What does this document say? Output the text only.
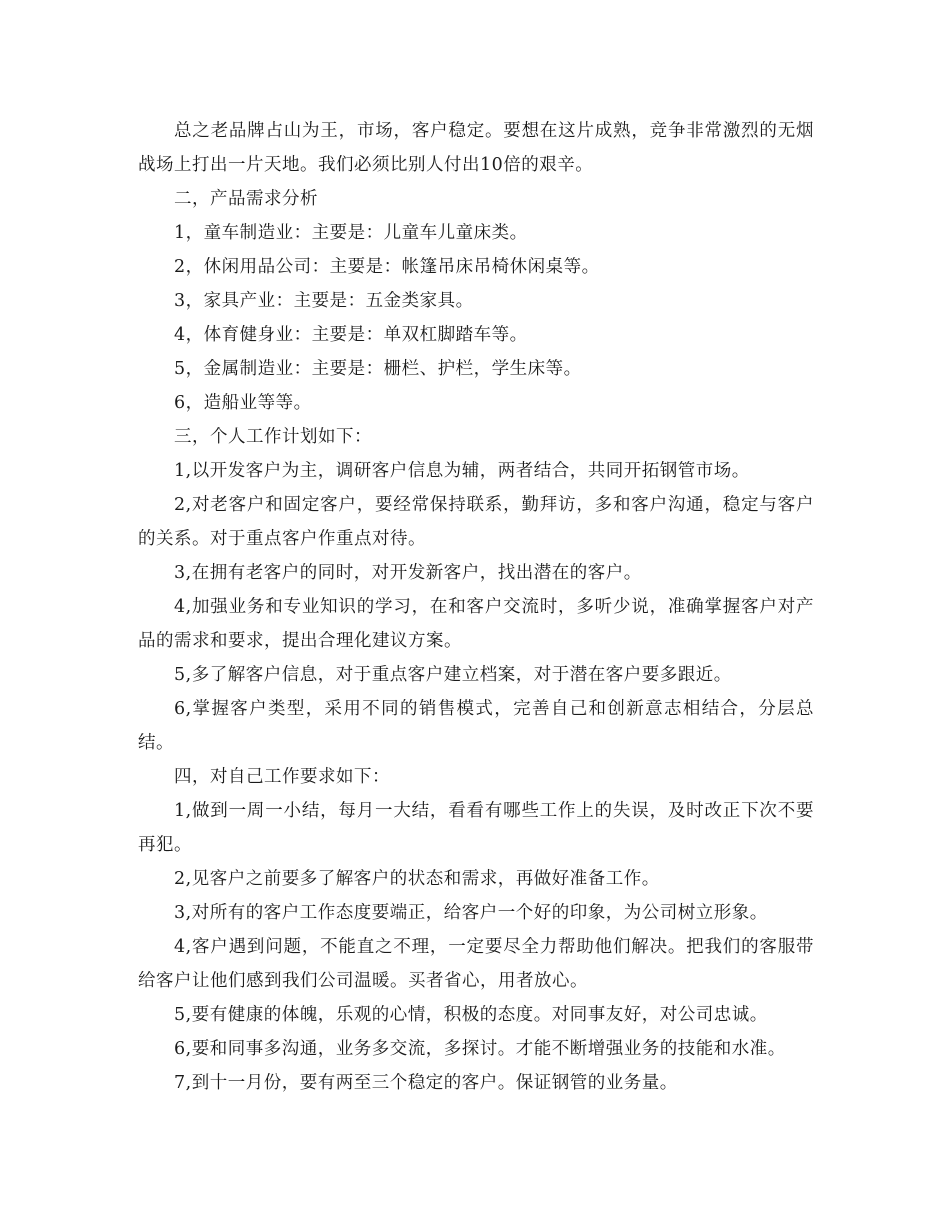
总之老品牌占山为王，市场，客户稳定。要想在这片成熟，竞争非常激烈的无烟战场上打出一片天地。我们必须比别人付出10倍的艰辛。

二，产品需求分析

1，童车制造业：主要是：儿童车儿童床类。

2，休闲用品公司：主要是：帐篷吊床吊椅休闲桌等。

3，家具产业：主要是：五金类家具。

4，体育健身业：主要是：单双杠脚踏车等。

5，金属制造业：主要是：栅栏、护栏，学生床等。

6，造船业等等。

三，个人工作计划如下：

1,以开发客户为主，调研客户信息为辅，两者结合，共同开拓钢管市场。

2,对老客户和固定客户，要经常保持联系，勤拜访，多和客户沟通，稳定与客户的关系。对于重点客户作重点对待。

3,在拥有老客户的同时，对开发新客户，找出潜在的客户。

4,加强业务和专业知识的学习，在和客户交流时，多听少说，准确掌握客户对产品的需求和要求，提出合理化建议方案。

5,多了解客户信息，对于重点客户建立档案，对于潜在客户要多跟近。

6,掌握客户类型，采用不同的销售模式，完善自己和创新意志相结合，分层总结。

四，对自己工作要求如下：

1,做到一周一小结，每月一大结，看看有哪些工作上的失误，及时改正下次不要再犯。

2,见客户之前要多了解客户的状态和需求，再做好准备工作。

3,对所有的客户工作态度要端正，给客户一个好的印象，为公司树立形象。

4,客户遇到问题，不能直之不理，一定要尽全力帮助他们解决。把我们的客服带给客户让他们感到我们公司温暖。买者省心，用者放心。

5,要有健康的体魄，乐观的心情，积极的态度。对同事友好，对公司忠诚。

6,要和同事多沟通，业务多交流，多探讨。才能不断增强业务的技能和水准。

7,到十一月份，要有两至三个稳定的客户。保证钢管的业务量。
